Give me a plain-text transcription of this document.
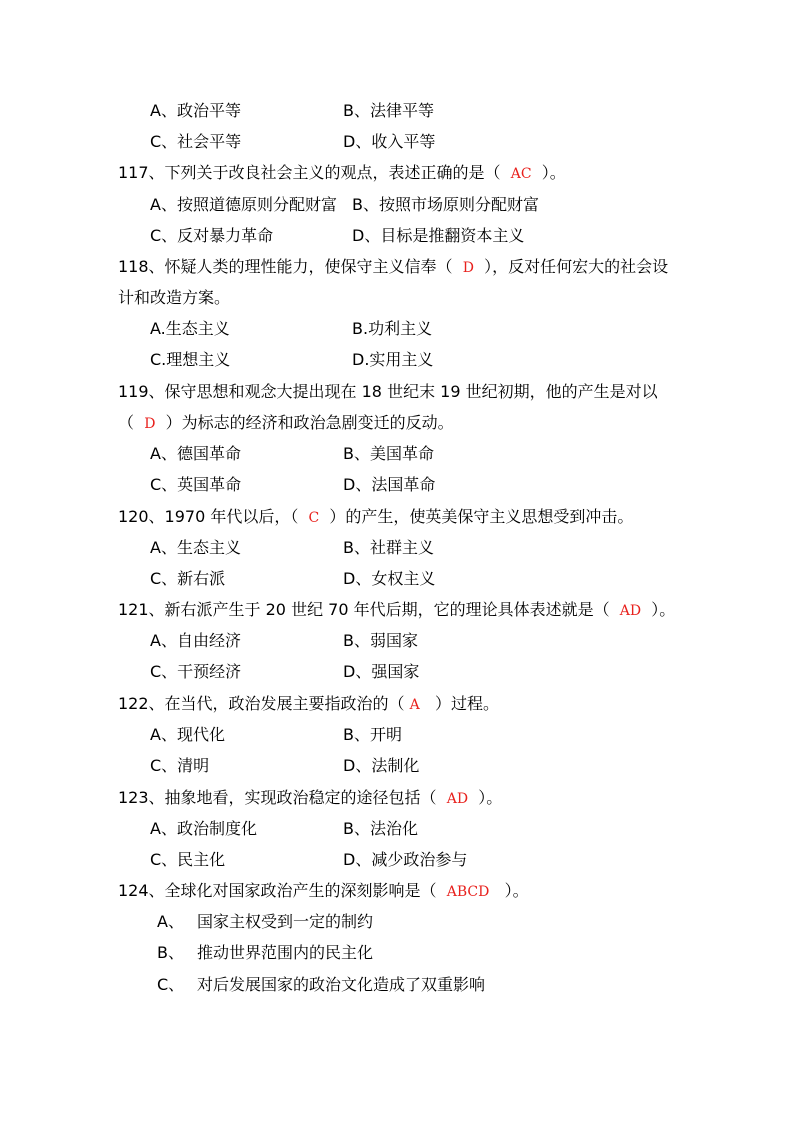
A、政治平等	B、法律平等
C、社会平等	D、收入平等
117、下列关于改良社会主义的观点，表述正确的是（  AC  ）。
A、按照道德原则分配财富 B、按照市场原则分配财富
C、反对暴力革命	D、目标是推翻资本主义
118、怀疑人类的理性能力，使保守主义信奉（  D  ），反对任何宏大的社会设
计和改造方案。
A.生态主义	B.功利主义
C.理想主义	D.实用主义
119、保守思想和观念大提出现在 18 世纪末 19 世纪初期，他的产生是对以
（  D  ）为标志的经济和政治急剧变迁的反动。
A、德国革命	B、美国革命
C、英国革命	D、法国革命
120、1970 年代以后，（  C  ）的产生，使英美保守主义思想受到冲击。
A、生态主义	B、社群主义
C、新右派	D、女权主义
121、新右派产生于 20 世纪 70 年代后期，它的理论具体表述就是（  AD  ）。
A、自由经济	B、弱国家
C、干预经济	D、强国家
122、在当代，政治发展主要指政治的（ A   ）过程。
A、现代化	B、开明
C、清明	D、法制化
123、抽象地看，实现政治稳定的途径包括（  AD  ）。
A、政治制度化	B、法治化
C、民主化	D、减少政治参与
124、全球化对国家政治产生的深刻影响是（  ABCD   ）。
A、 国家主权受到一定的制约
B、 推动世界范围内的民主化
C、 对后发展国家的政治文化造成了双重影响
